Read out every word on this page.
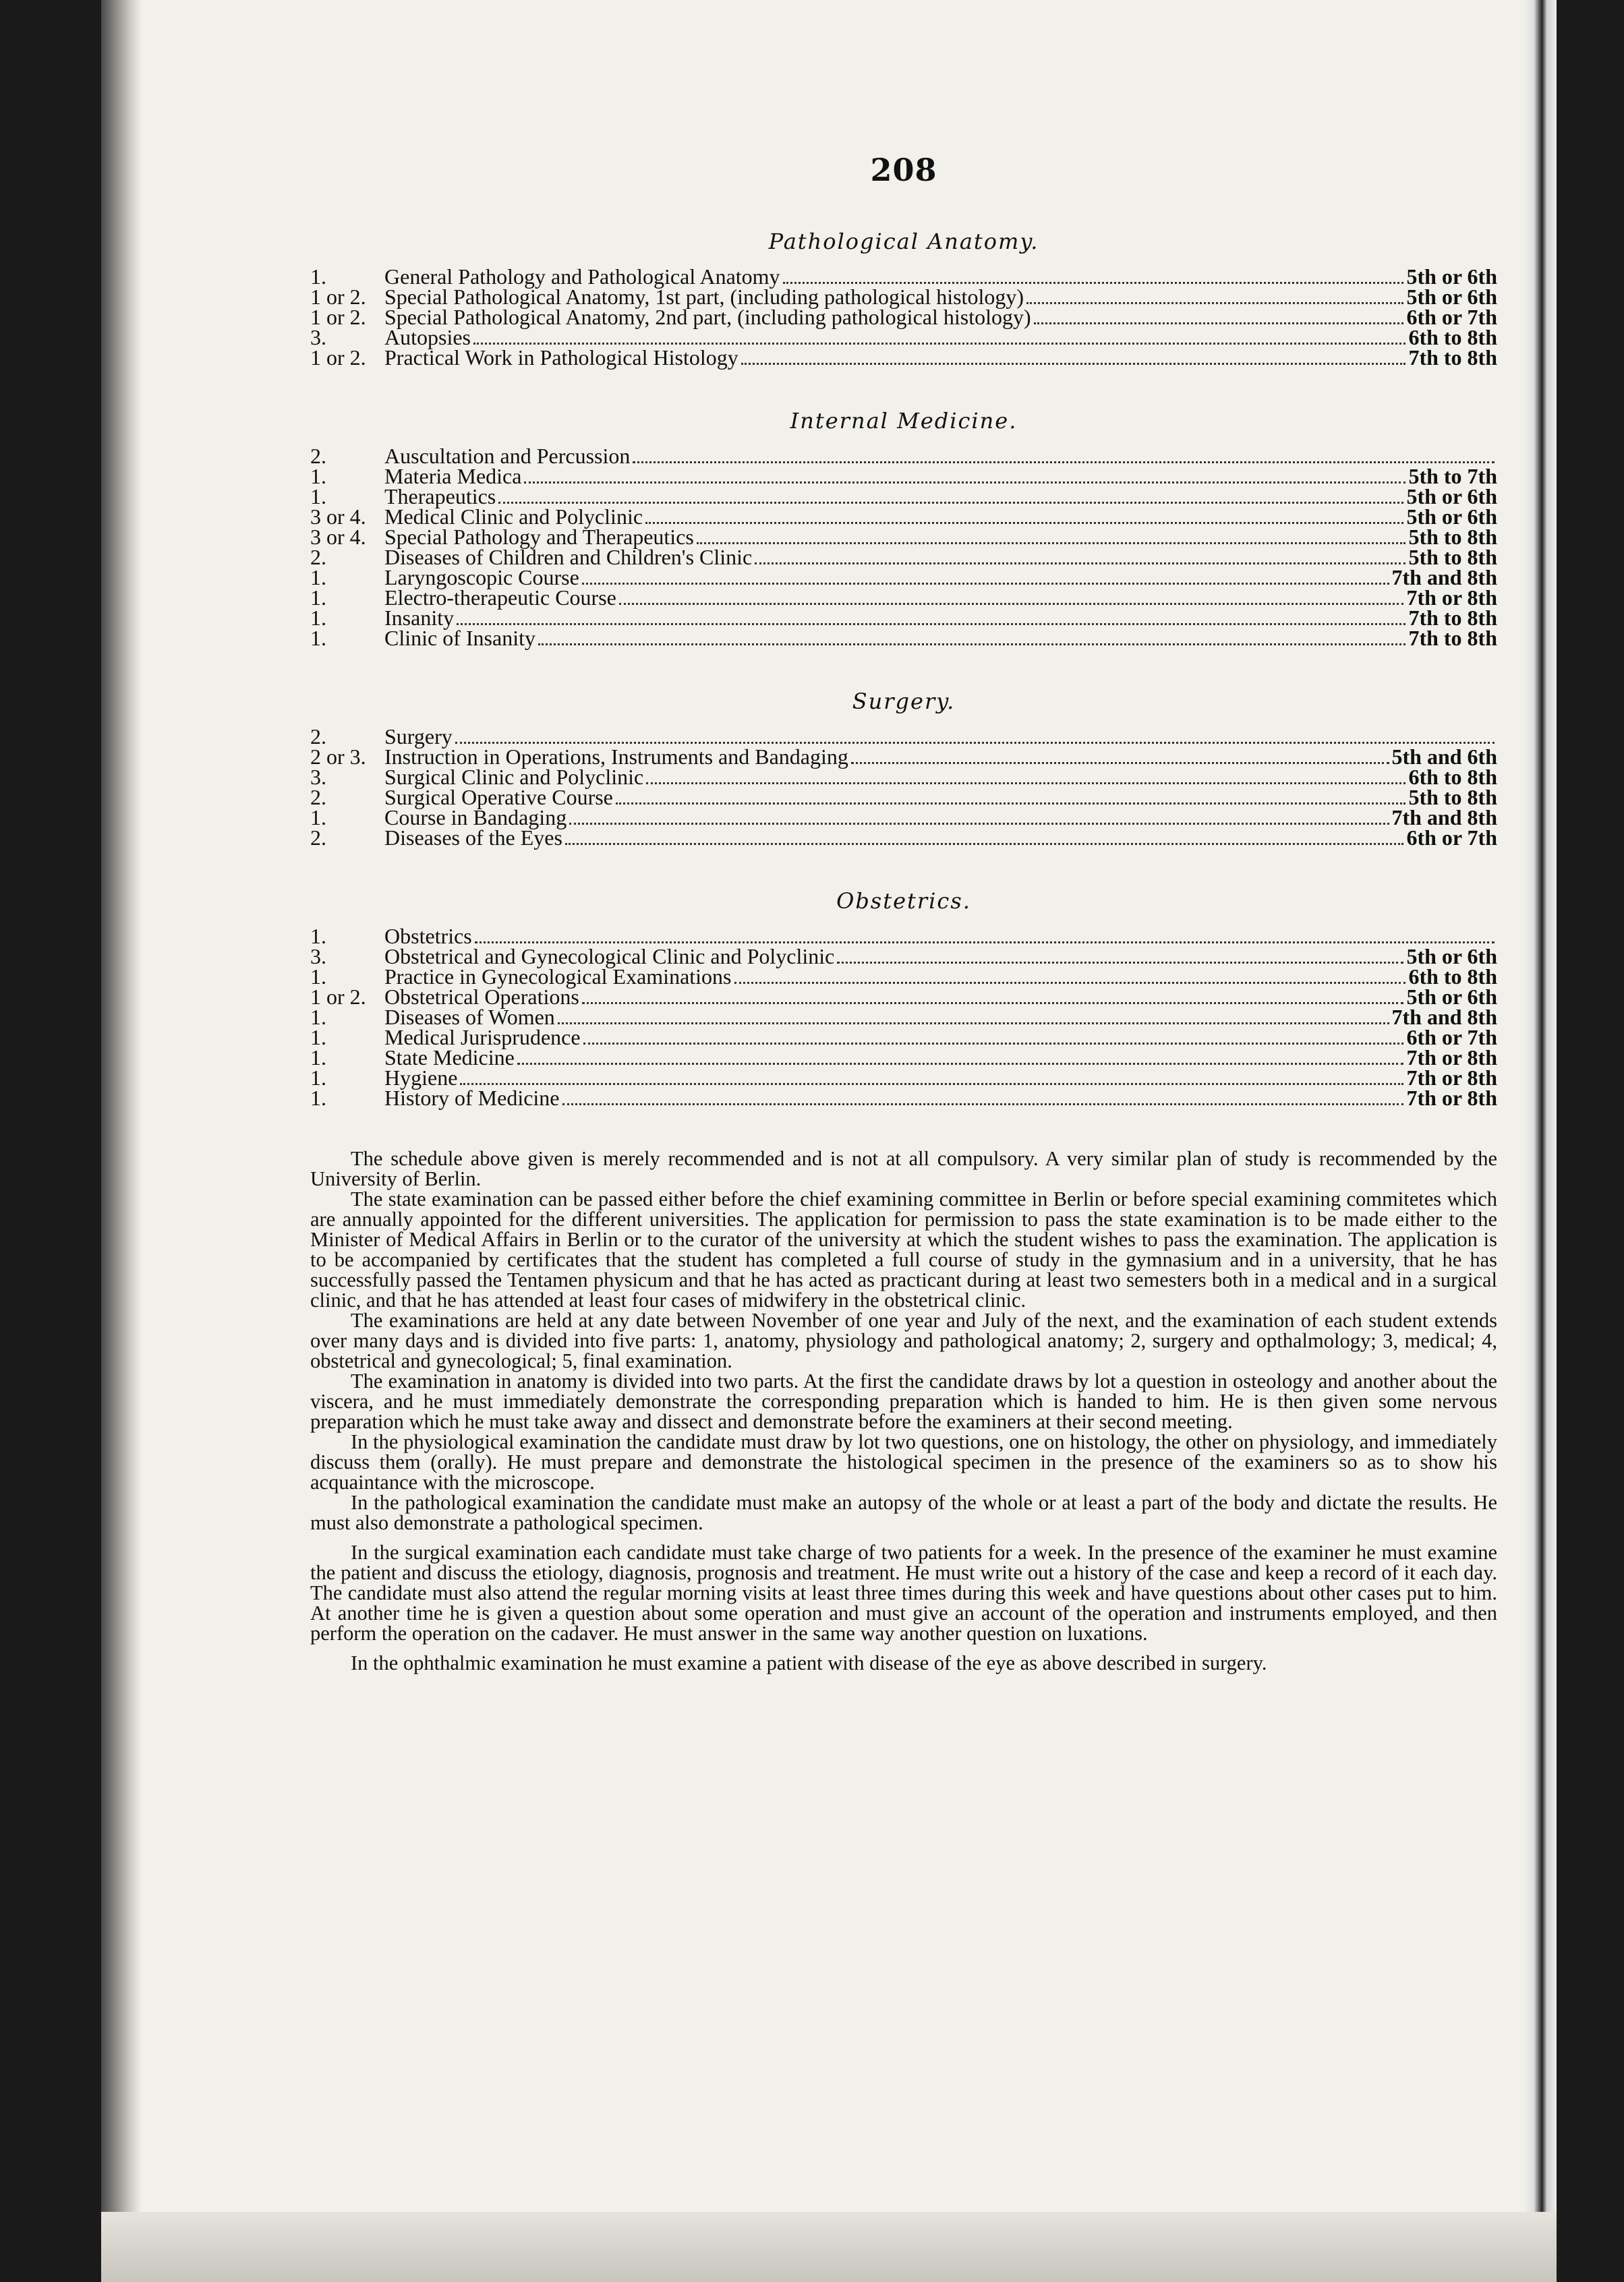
208
Pathological Anatomy.
1.	General Pathology and Pathological Anatomy	5th or 6th
1 or 2. Special Pathological Anatomy, 1st part, (including pathological histology)	5th or 6th
1 or 2. Special Pathological Anatomy, 2nd part, (including pathological histology)	6th or 7th
3.	Autopsies	6th to 8th
1 or 2. Practical Work in Pathological Histology	7th to 8th
Internal Medicine.
2.	Auscultation and Percussion
1.	Materia Medica	5th to 7th
1.	Therapeutics	5th or 6th
3 or 4. Medical Clinic and Polyclinic	5th or 6th
3 or 4. Special Pathology and Therapeutics	5th to 8th
2.	Diseases of Children and Children's Clinic	5th to 8th
1.	Laryngoscopic Course	7th and 8th
1.	Electro-therapeutic Course	7th or 8th
1.	Insanity	7th to 8th
1.	Clinic of Insanity	7th to 8th
Surgery.
2.	Surgery
2 or 3. Instruction in Operations, Instruments and Bandaging	5th and 6th
3.	Surgical Clinic and Polyclinic	6th to 8th
2.	Surgical Operative Course	5th to 8th
1.	Course in Bandaging	7th and 8th
2.	Diseases of the Eyes	6th or 7th
Obstetrics.
1.	Obstetrics
3.	Obstetrical and Gynecological Clinic and Polyclinic	5th or 6th
1.	Practice in Gynecological Examinations	6th to 8th
1 or 2. Obstetrical Operations	5th or 6th
1.	Diseases of Women	7th and 8th
1.	Medical Jurisprudence	6th or 7th
1.	State Medicine	7th or 8th
1.	Hygiene	7th or 8th
1.	History of Medicine	7th or 8th

The schedule above given is merely recommended and is not at all compulsory. A very similar plan of study is recommended by the University of Berlin.

The state examination can be passed either before the chief examining committee in Berlin or before special examining commitetes which are annually appointed for the different universities. The application for permission to pass the state examination is to be made either to the Minister of Medical Affairs in Berlin or to the curator of the university at which the student wishes to pass the examination. The application is to be accompanied by certificates that the student has completed a full course of study in the gymnasium and in a university, that he has successfully passed the Tentamen physicum and that he has acted as practicant during at least two semesters both in a medical and in a surgical clinic, and that he has attended at least four cases of midwifery in the obstetrical clinic.

The examinations are held at any date between November of one year and July of the next, and the examination of each student extends over many days and is divided into five parts: 1, anatomy, physiology and pathological anatomy; 2, surgery and opthalmology; 3, medical; 4, obstetrical and gynecological; 5, final examination.

The examination in anatomy is divided into two parts. At the first the candidate draws by lot a question in osteology and another about the viscera, and he must immediately demonstrate the corresponding preparation which is handed to him. He is then given some nervous preparation which he must take away and dissect and demonstrate before the examiners at their second meeting.

In the physiological examination the candidate must draw by lot two questions, one on histology, the other on physiology, and immediately discuss them (orally). He must prepare and demonstrate the histological specimen in the presence of the examiners so as to show his acquaintance with the microscope.

In the pathological examination the candidate must make an autopsy of the whole or at least a part of the body and dictate the results. He must also demonstrate a pathological specimen.

In the surgical examination each candidate must take charge of two patients for a week. In the presence of the examiner he must examine the patient and discuss the etiology, diagnosis, prognosis and treatment. He must write out a history of the case and keep a record of it each day. The candidate must also attend the regular morning visits at least three times during this week and have questions about other cases put to him. At another time he is given a question about some operation and must give an account of the operation and instruments employed, and then perform the operation on the cadaver. He must answer in the same way another question on luxations.

In the ophthalmic examination he must examine a patient with disease of the eye as above described in surgery.
